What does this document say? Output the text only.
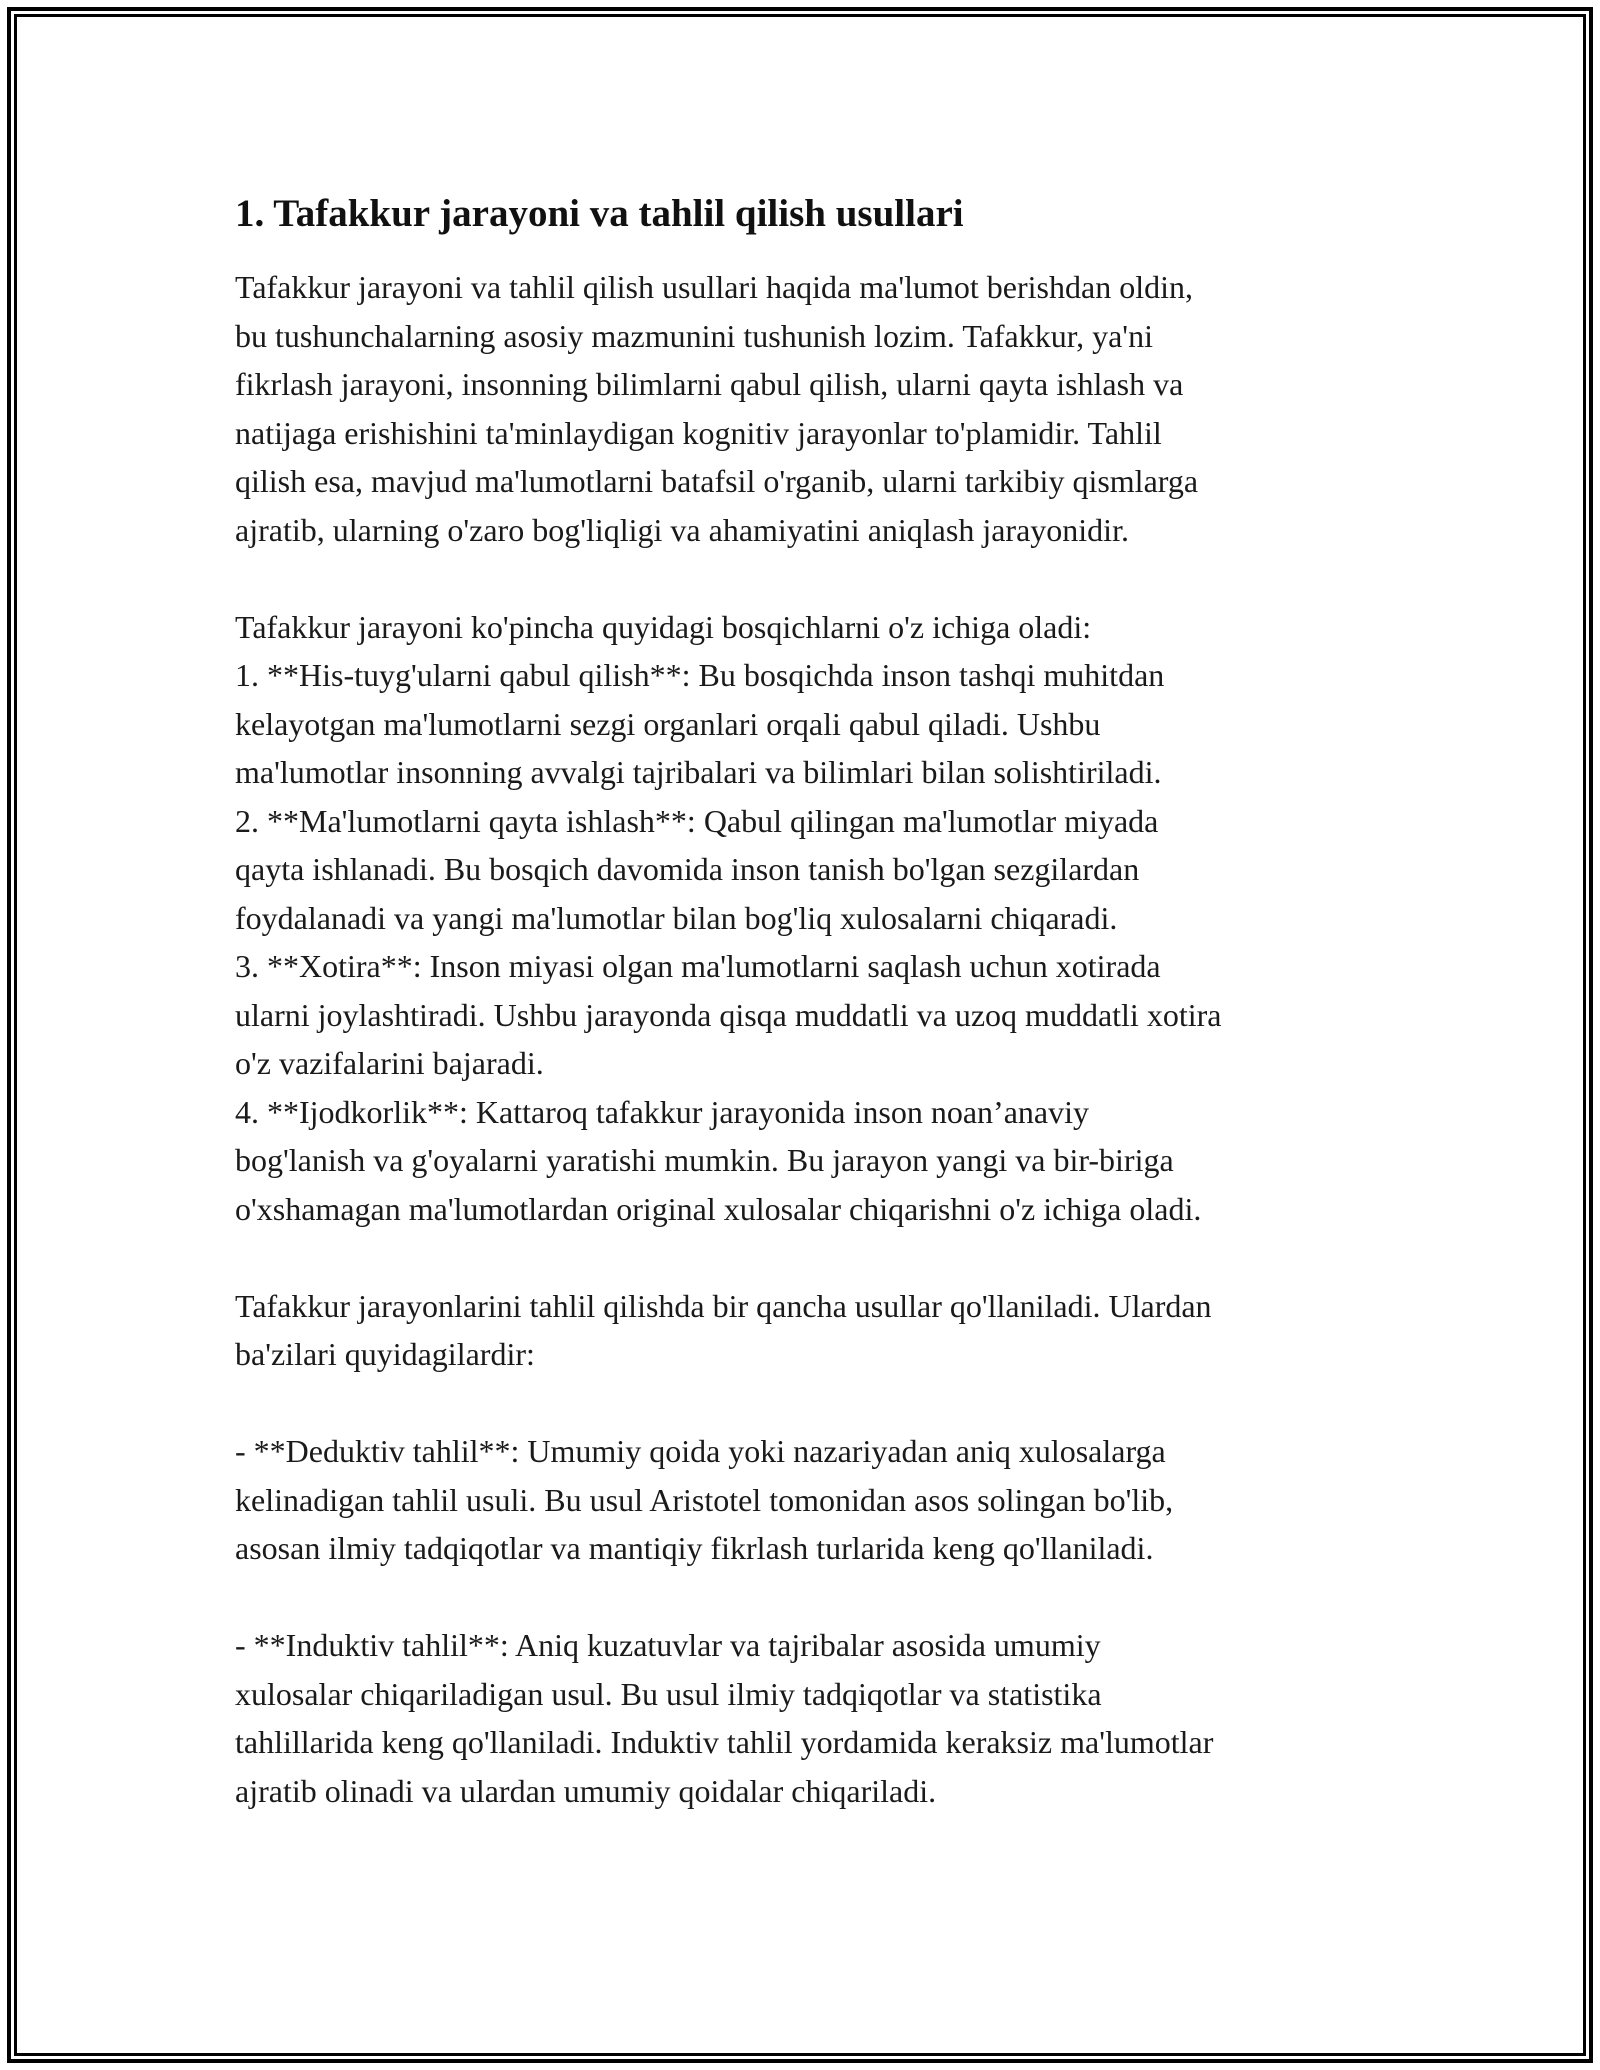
1. Tafakkur jarayoni va tahlil qilish usullari
Tafakkur jarayoni va tahlil qilish usullari haqida ma'lumot berishdan oldin,
bu tushunchalarning asosiy mazmunini tushunish lozim. Tafakkur, ya'ni
fikrlash jarayoni, insonning bilimlarni qabul qilish, ularni qayta ishlash va
natijaga erishishini ta'minlaydigan kognitiv jarayonlar to'plamidir. Tahlil
qilish esa, mavjud ma'lumotlarni batafsil o'rganib, ularni tarkibiy qismlarga
ajratib, ularning o'zaro bog'liqligi va ahamiyatini aniqlash jarayonidir.
Tafakkur jarayoni ko'pincha quyidagi bosqichlarni o'z ichiga oladi:
1. **His-tuyg'ularni qabul qilish**: Bu bosqichda inson tashqi muhitdan
kelayotgan ma'lumotlarni sezgi organlari orqali qabul qiladi. Ushbu
ma'lumotlar insonning avvalgi tajribalari va bilimlari bilan solishtiriladi.
2. **Ma'lumotlarni qayta ishlash**: Qabul qilingan ma'lumotlar miyada
qayta ishlanadi. Bu bosqich davomida inson tanish bo'lgan sezgilardan
foydalanadi va yangi ma'lumotlar bilan bog'liq xulosalarni chiqaradi.
3. **Xotira**: Inson miyasi olgan ma'lumotlarni saqlash uchun xotirada
ularni joylashtiradi. Ushbu jarayonda qisqa muddatli va uzoq muddatli xotira
o'z vazifalarini bajaradi.
4. **Ijodkorlik**: Kattaroq tafakkur jarayonida inson noan’anaviy
bog'lanish va g'oyalarni yaratishi mumkin. Bu jarayon yangi va bir-biriga
o'xshamagan ma'lumotlardan original xulosalar chiqarishni o'z ichiga oladi.
Tafakkur jarayonlarini tahlil qilishda bir qancha usullar qo'llaniladi. Ulardan
ba'zilari quyidagilardir:
- **Deduktiv tahlil**: Umumiy qoida yoki nazariyadan aniq xulosalarga
kelinadigan tahlil usuli. Bu usul Aristotel tomonidan asos solingan bo'lib,
asosan ilmiy tadqiqotlar va mantiqiy fikrlash turlarida keng qo'llaniladi.
- **Induktiv tahlil**: Aniq kuzatuvlar va tajribalar asosida umumiy
xulosalar chiqariladigan usul. Bu usul ilmiy tadqiqotlar va statistika
tahlillarida keng qo'llaniladi. Induktiv tahlil yordamida keraksiz ma'lumotlar
ajratib olinadi va ulardan umumiy qoidalar chiqariladi.
